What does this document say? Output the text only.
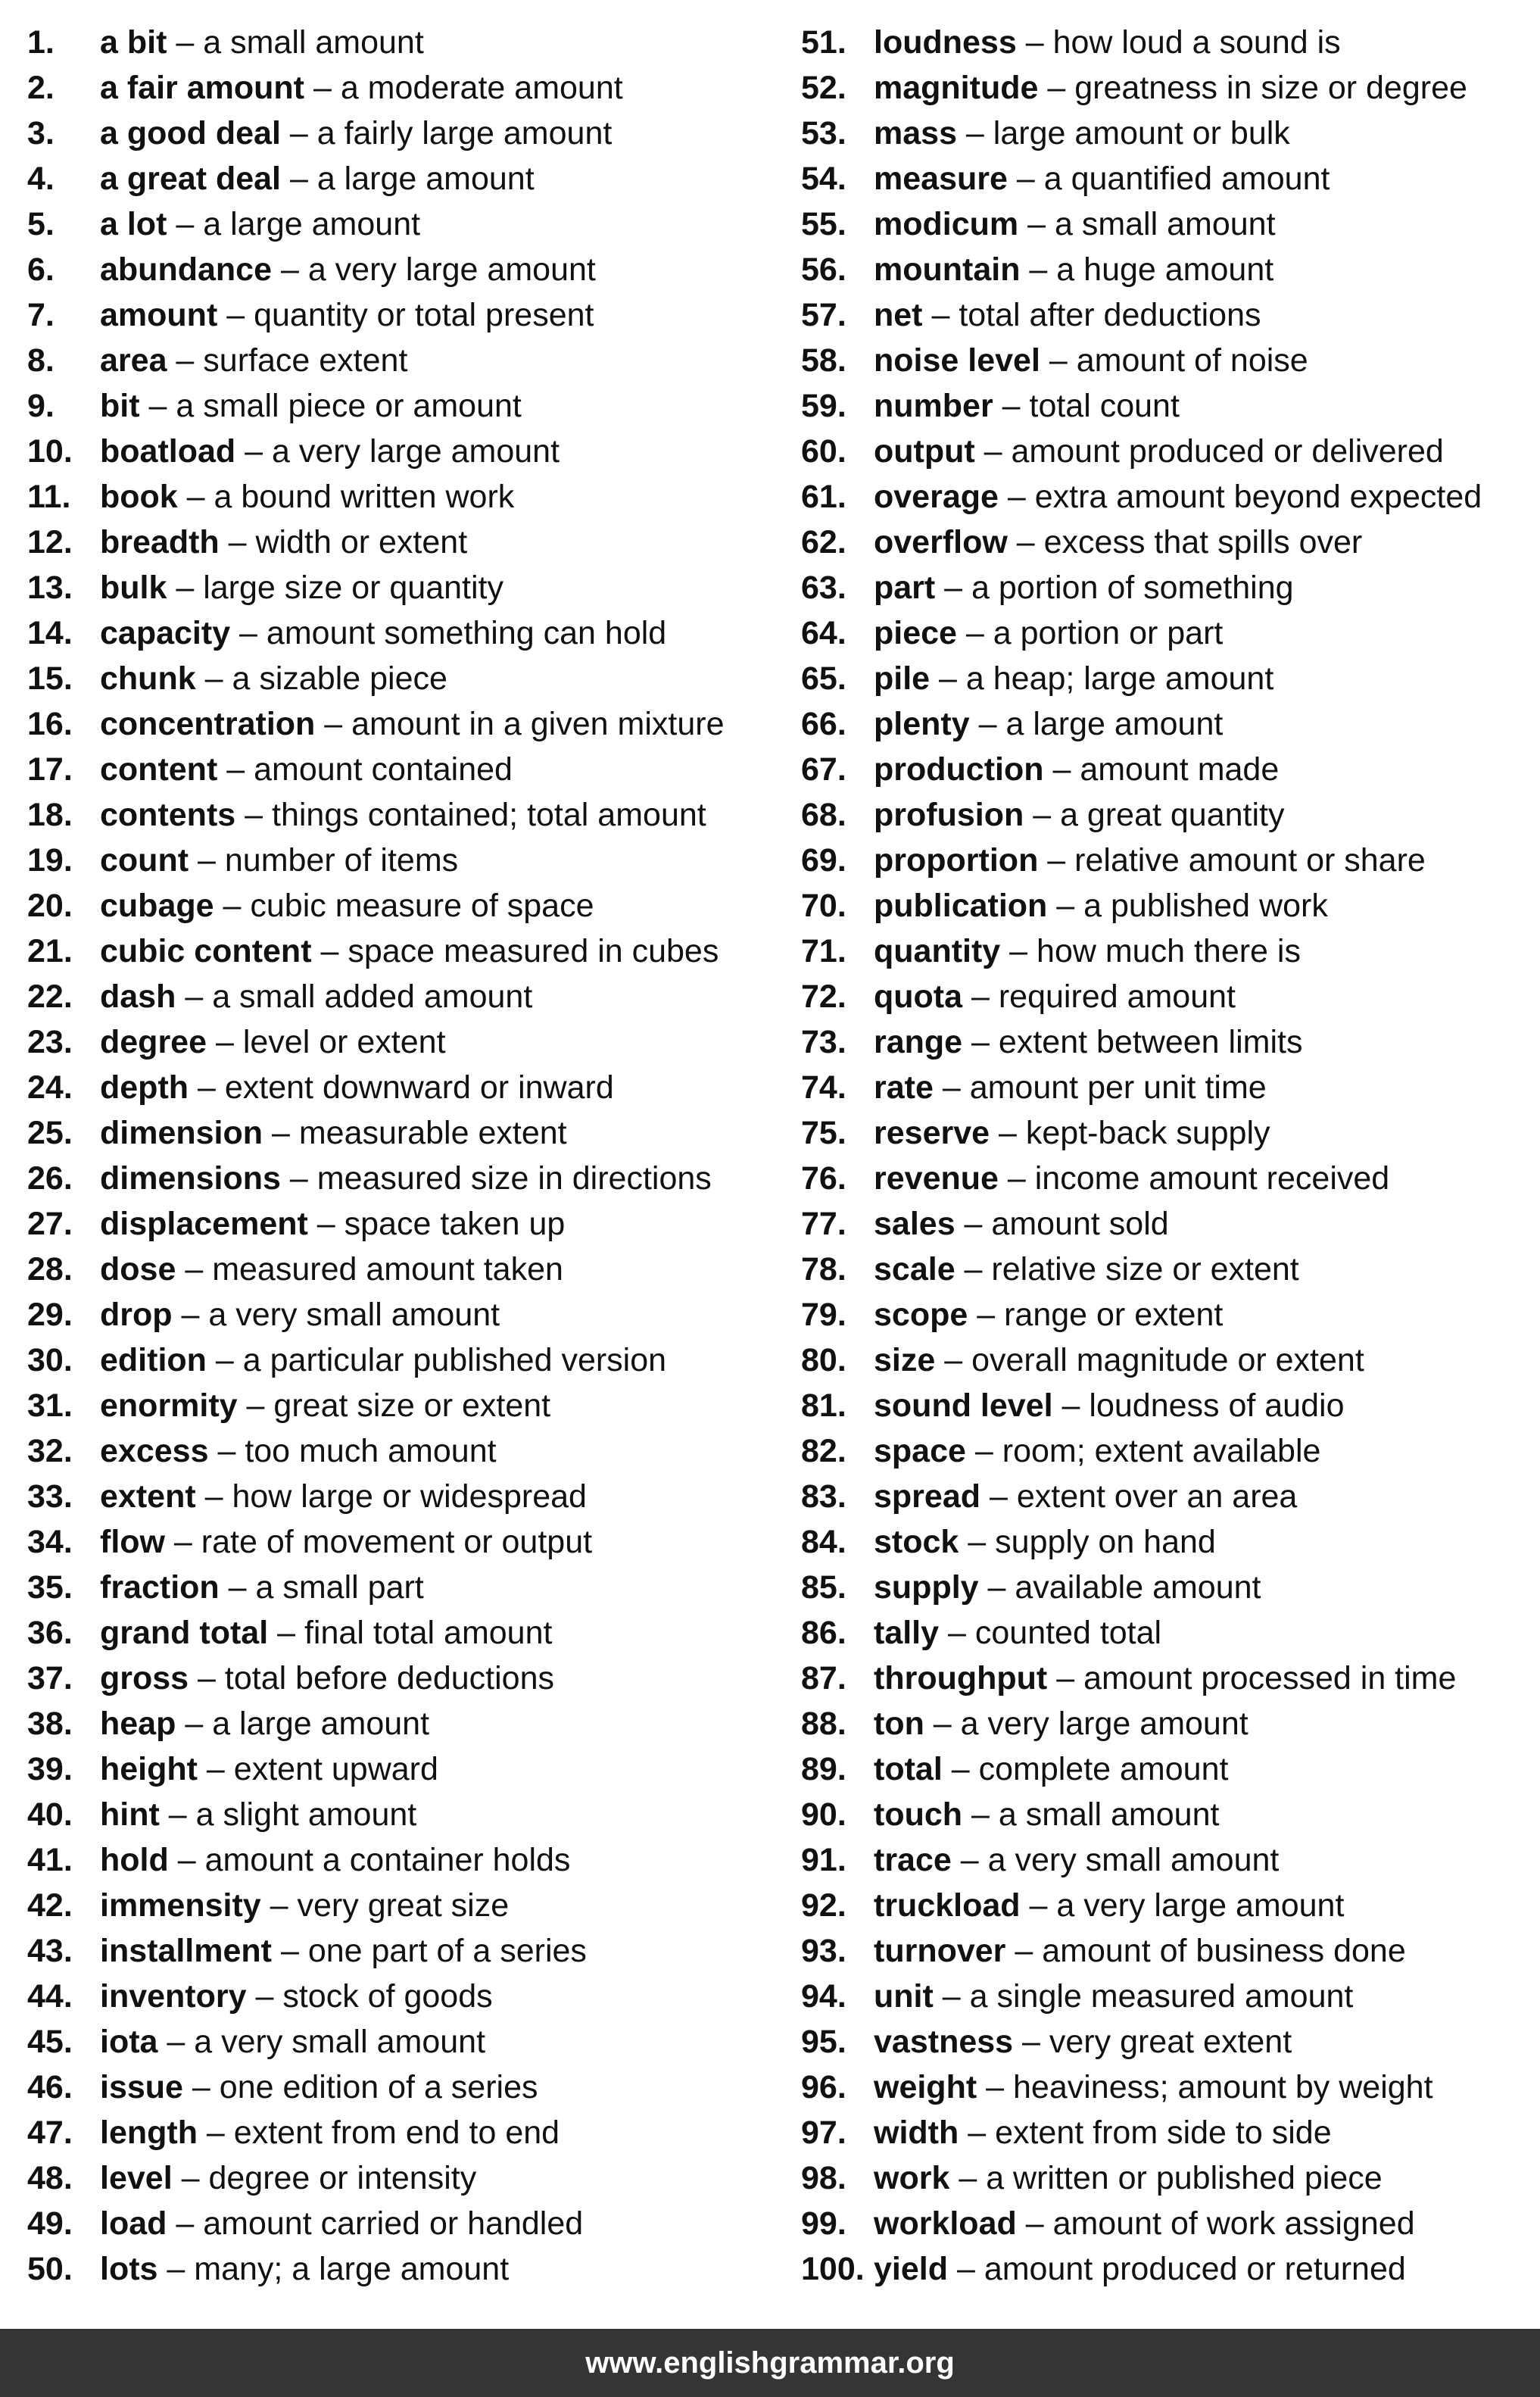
1.	a bit – a small amount
2.	a fair amount – a moderate amount
3.	a good deal – a fairly large amount
4.	a great deal – a large amount
5.	a lot – a large amount
6.	abundance – a very large amount
7.	amount – quantity or total present
8.	area – surface extent
9.	bit – a small piece or amount
10. boatload – a very large amount
11. book – a bound written work
12. breadth – width or extent
13. bulk – large size or quantity
14. capacity – amount something can hold
15. chunk – a sizable piece
16. concentration – amount in a given mixture
17. content – amount contained
18. contents – things contained; total amount
19. count – number of items
20. cubage – cubic measure of space
21. cubic content – space measured in cubes
22. dash – a small added amount
23. degree – level or extent
24. depth – extent downward or inward
25. dimension – measurable extent
26. dimensions – measured size in directions
27. displacement – space taken up
28. dose – measured amount taken
29. drop – a very small amount
30. edition – a particular published version
31. enormity – great size or extent
32. excess – too much amount
33. extent – how large or widespread
34. flow – rate of movement or output
35. fraction – a small part
36. grand total – final total amount
37. gross – total before deductions
38. heap – a large amount
39. height – extent upward
40. hint – a slight amount
41. hold – amount a container holds
42. immensity – very great size
43. installment – one part of a series
44. inventory – stock of goods
45. iota – a very small amount
46. issue – one edition of a series
47. length – extent from end to end
48. level – degree or intensity
49. load – amount carried or handled
50. lots – many; a large amount
51. loudness – how loud a sound is
52. magnitude – greatness in size or degree
53. mass – large amount or bulk
54. measure – a quantified amount
55. modicum – a small amount
56. mountain – a huge amount
57. net – total after deductions
58. noise level – amount of noise
59. number – total count
60. output – amount produced or delivered
61. overage – extra amount beyond expected
62. overflow – excess that spills over
63. part – a portion of something
64. piece – a portion or part
65. pile – a heap; large amount
66. plenty – a large amount
67. production – amount made
68. profusion – a great quantity
69. proportion – relative amount or share
70. publication – a published work
71. quantity – how much there is
72. quota – required amount
73. range – extent between limits
74. rate – amount per unit time
75. reserve – kept-back supply
76. revenue – income amount received
77. sales – amount sold
78. scale – relative size or extent
79. scope – range or extent
80. size – overall magnitude or extent
81. sound level – loudness of audio
82. space – room; extent available
83. spread – extent over an area
84. stock – supply on hand
85. supply – available amount
86. tally – counted total
87. throughput – amount processed in time
88. ton – a very large amount
89. total – complete amount
90. touch – a small amount
91. trace – a very small amount
92. truckload – a very large amount
93. turnover – amount of business done
94. unit – a single measured amount
95. vastness – very great extent
96. weight – heaviness; amount by weight
97. width – extent from side to side
98. work – a written or published piece
99. workload – amount of work assigned
100. yield – amount produced or returned
www.englishgrammar.org
